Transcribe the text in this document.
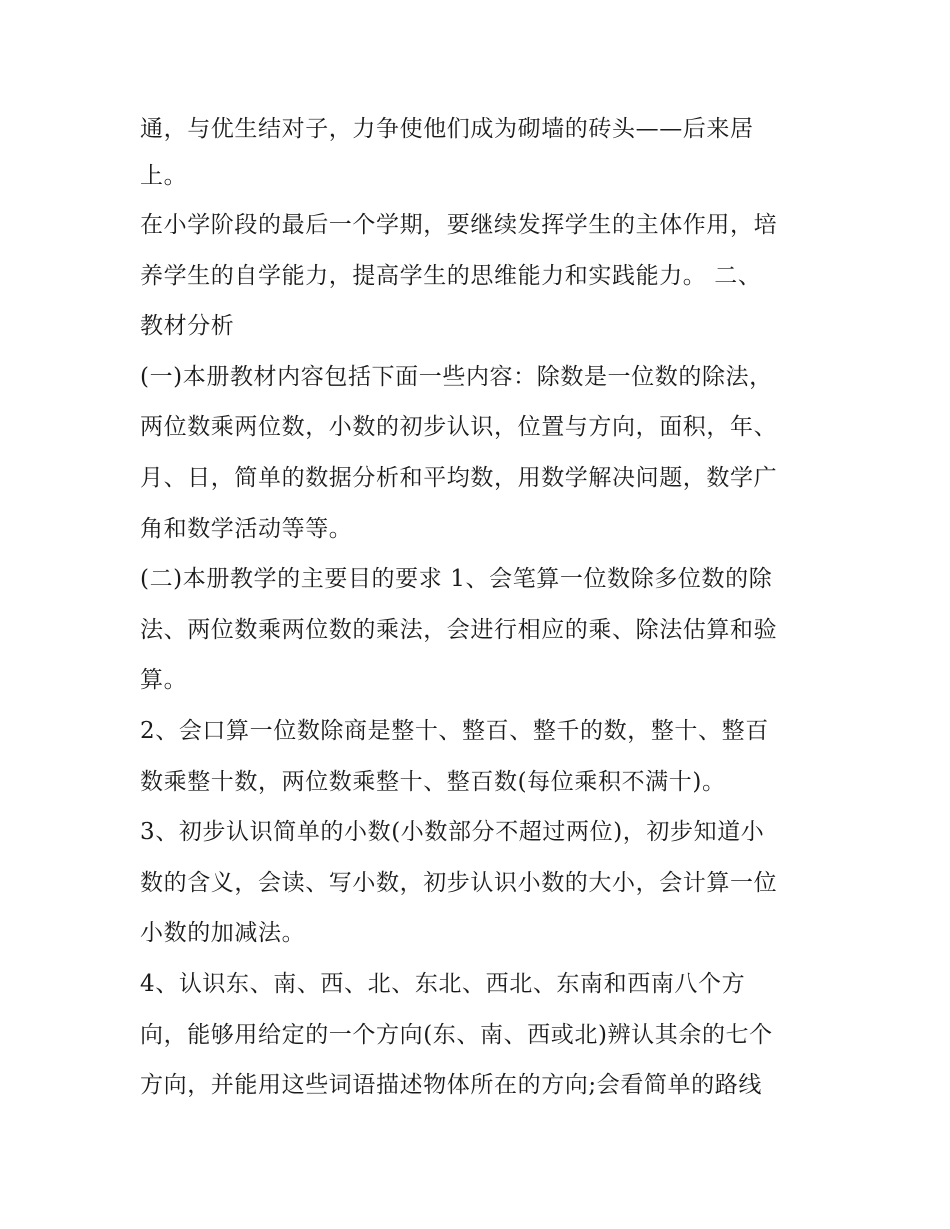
通，与优生结对子，力争使他们成为砌墙的砖头——后来居
上。
在小学阶段的最后一个学期，要继续发挥学生的主体作用，培
养学生的自学能力，提高学生的思维能力和实践能力。 二、
教材分析
(一)本册教材内容包括下面一些内容：除数是一位数的除法，
两位数乘两位数，小数的初步认识，位置与方向，面积，年、
月、日，简单的数据分析和平均数，用数学解决问题，数学广
角和数学活动等等。
(二)本册教学的主要目的要求 1、会笔算一位数除多位数的除
法、两位数乘两位数的乘法，会进行相应的乘、除法估算和验
算。
2、会口算一位数除商是整十、整百、整千的数，整十、整百
数乘整十数，两位数乘整十、整百数(每位乘积不满十)。
3、初步认识简单的小数(小数部分不超过两位)，初步知道小
数的含义，会读、写小数，初步认识小数的大小，会计算一位
小数的加减法。
4、认识东、南、西、北、东北、西北、东南和西南八个方
向，能够用给定的一个方向(东、南、西或北)辨认其余的七个
方向，并能用这些词语描述物体所在的方向;会看简单的路线
